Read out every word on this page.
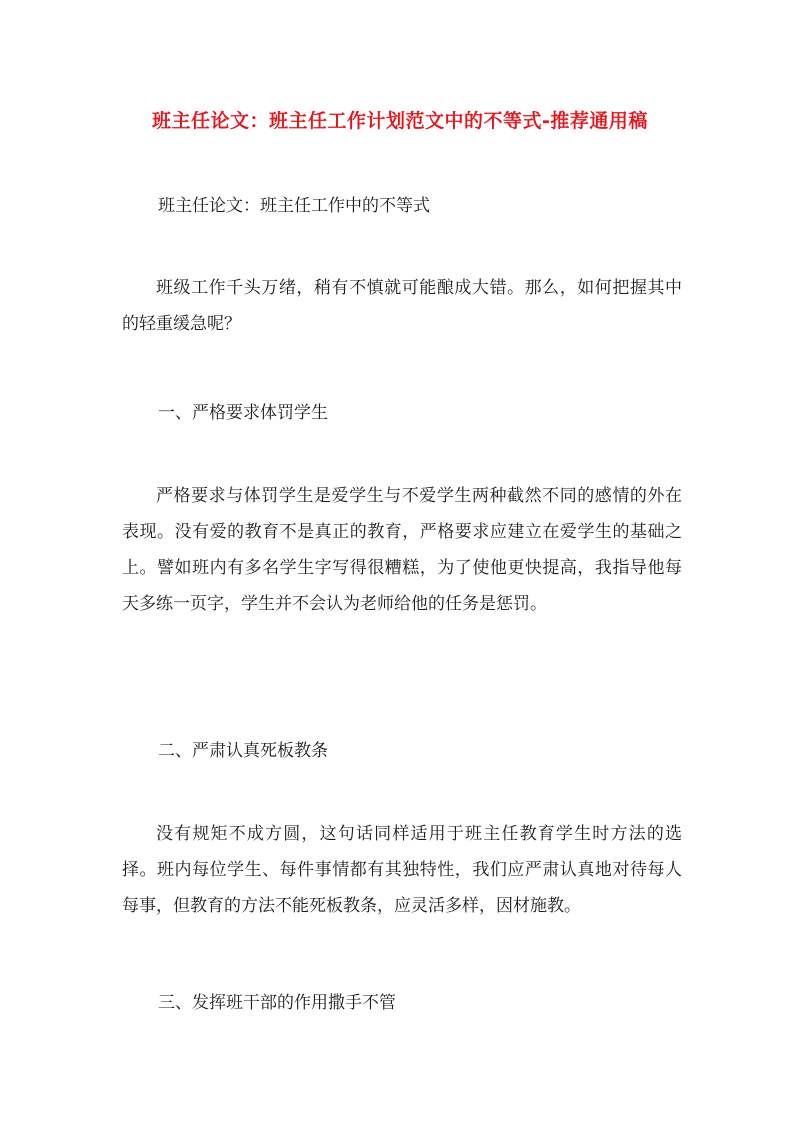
班主任论文：班主任工作计划范文中的不等式-推荐通用稿

班主任论文：班主任工作中的不等式

班级工作千头万绪，稍有不慎就可能酿成大错。那么，如何把握其中的轻重缓急呢？

一、严格要求体罚学生

严格要求与体罚学生是爱学生与不爱学生两种截然不同的感情的外在表现。没有爱的教育不是真正的教育，严格要求应建立在爱学生的基础之上。譬如班内有多名学生字写得很糟糕，为了使他更快提高，我指导他每天多练一页字，学生并不会认为老师给他的任务是惩罚。

二、严肃认真死板教条

没有规矩不成方圆，这句话同样适用于班主任教育学生时方法的选择。班内每位学生、每件事情都有其独特性，我们应严肃认真地对待每人每事，但教育的方法不能死板教条，应灵活多样，因材施教。

三、发挥班干部的作用撒手不管
